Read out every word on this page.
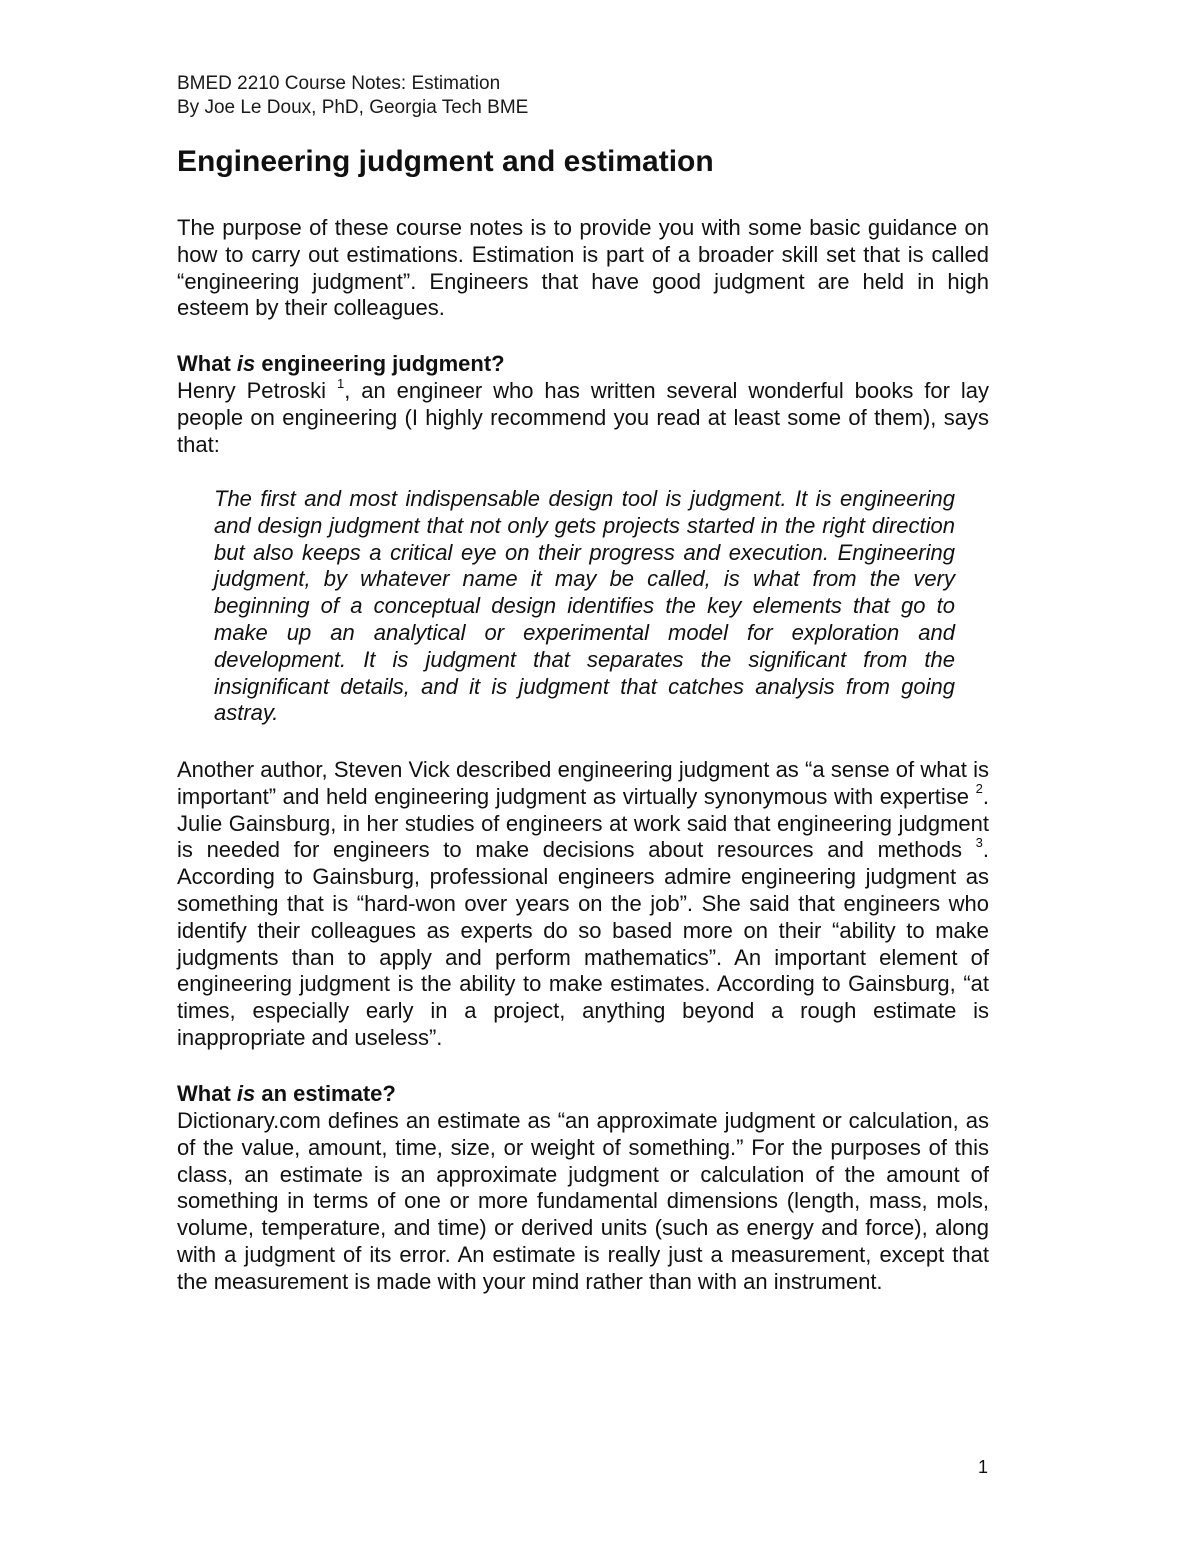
BMED 2210 Course Notes: Estimation
By Joe Le Doux, PhD, Georgia Tech BME
Engineering judgment and estimation

The purpose of these course notes is to provide you with some basic guidance on how to carry out estimations. Estimation is part of a broader skill set that is called “engineering judgment”. Engineers that have good judgment are held in high esteem by their colleagues.

What is engineering judgment?

Henry Petroski $^1$, an engineer who has written several wonderful books for lay people on engineering (I highly recommend you read at least some of them), says that:

The first and most indispensable design tool is judgment. It is engineering and design judgment that not only gets projects started in the right direction but also keeps a critical eye on their progress and execution. Engineering judgment, by whatever name it may be called, is what from the very beginning of a conceptual design identifies the key elements that go to make up an analytical or experimental model for exploration and development. It is judgment that separates the significant from the insignificant details, and it is judgment that catches analysis from going astray.

Another author, Steven Vick described engineering judgment as “a sense of what is important” and held engineering judgment as virtually synonymous with expertise $^2$. Julie Gainsburg, in her studies of engineers at work said that engineering judgment is needed for engineers to make decisions about resources and methods $^3$. According to Gainsburg, professional engineers admire engineering judgment as something that is “hard-won over years on the job”. She said that engineers who identify their colleagues as experts do so based more on their “ability to make judgments than to apply and perform mathematics”. An important element of engineering judgment is the ability to make estimates. According to Gainsburg, “at times, especially early in a project, anything beyond a rough estimate is inappropriate and useless”.

What is an estimate?

Dictionary.com defines an estimate as “an approximate judgment or calculation, as of the value, amount, time, size, or weight of something.” For the purposes of this class, an estimate is an approximate judgment or calculation of the amount of something in terms of one or more fundamental dimensions (length, mass, mols, volume, temperature, and time) or derived units (such as energy and force), along with a judgment of its error. An estimate is really just a measurement, except that the measurement is made with your mind rather than with an instrument.

1
